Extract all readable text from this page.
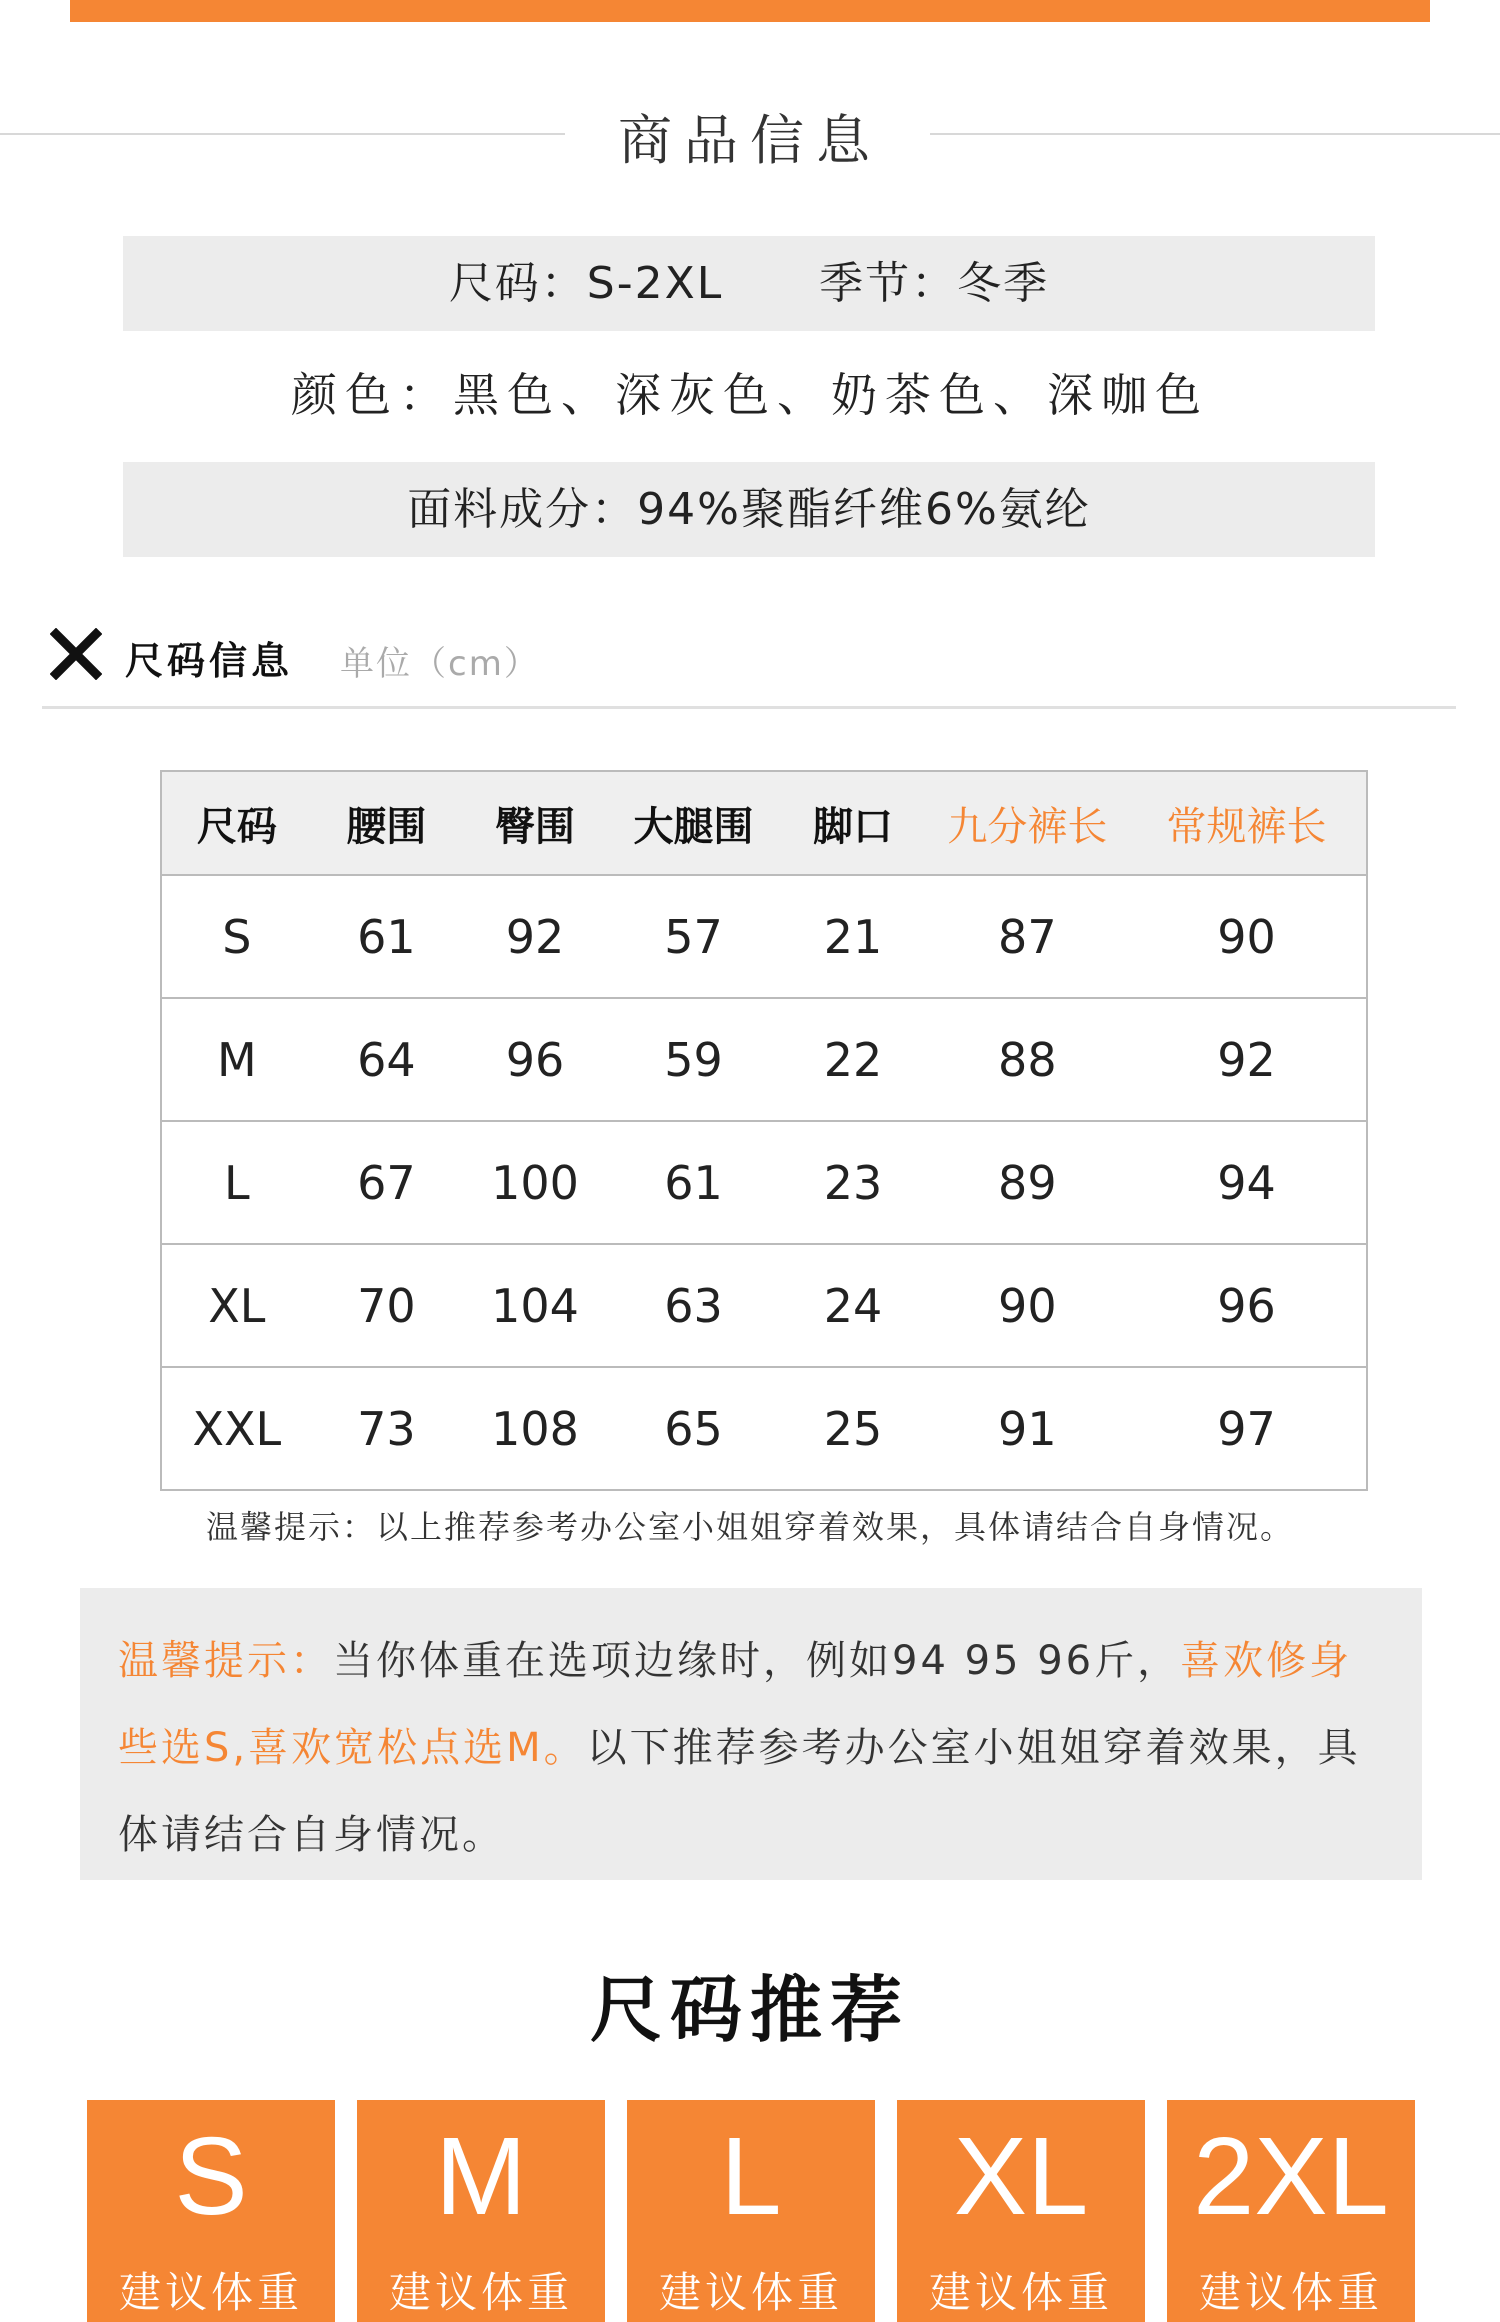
商品信息
尺码：S-2XL      季节：冬季
颜色：黑色、深灰色、奶茶色、深咖色
面料成分：94%聚酯纤维6%氨纶
尺码信息 单位（cm）
尺码	腰围	臀围	大腿围	脚口	九分裤长	常规裤长
S	61	92	57	21	87	90
M	64	96	59	22	88	92
L	67	100	61	23	89	94
XL	70	104	63	24	90	96
XXL	73	108	65	25	91	97
温馨提示：以上推荐参考办公室小姐姐穿着效果，具体请结合自身情况。
温馨提示：当你体重在选项边缘时，例如94 95 96斤，喜欢修身些选S,喜欢宽松点选M。以下推荐参考办公室小姐姐穿着效果，具体请结合自身情况。
尺码推荐
S
建议体重
M
建议体重
L
建议体重
XL
建议体重
2XL
建议体重
